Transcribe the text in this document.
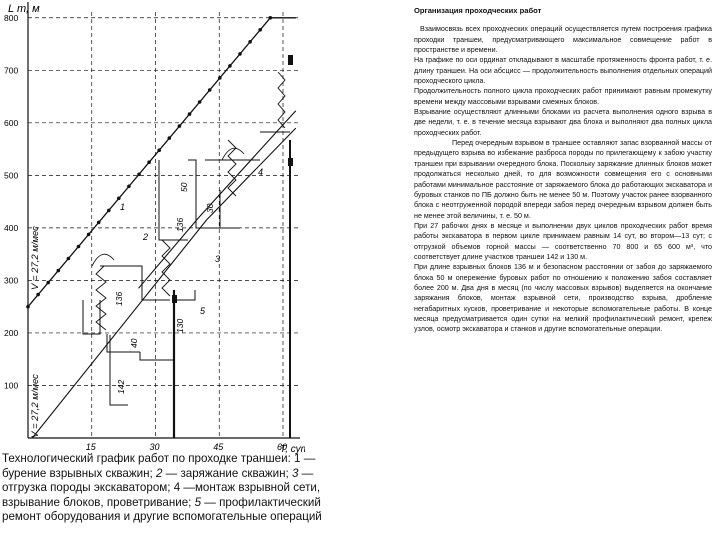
100
200
300
400
500
600
700
800
15	30	45	60
L т, м
T, су
V = 27,2 м/мес
V = 27,2 м/мес
1
2
3
4
5
142
40
136
136
130
50
30
Технологический график работ по проходке траншеи: 1 — бурение взрывных скважин; 2 — заряжание скважин; 3 — отгрузка породы экскаватором; 4 —монтаж взрывной сети, взрывание блоков, проветривание; 5 — профилактический ремонт оборудования и другие вспомогательные операций
Организация проходческих работ

Взаимосвязь всех проходческих операций осуществляется путем построения графика проходки траншеи, предусматривающего максимальное совмещение работ в пространстве и времени.

На графике по оси ординат откладывают в масштабе протяженность фронта работ, т. е. длину траншеи. На оси абсцисс — продолжительность выполнения отдельных операций проходческого цикла.

Продолжительность полного цикла проходческих работ принимают равным промежутку времени между массовыми взрывами смежных блоков.

Взрывание осуществляют длинными блоками из расчета выполнения одного взрыва в две недели, т. е. в течение месяца взрывают два блока и выполняют два полных цикла проходческих работ.

Перед очередным взрывом в траншее оставляют запас взорванной массы от предыдущего взрыва во избежание разброса породы по прилегающему к забою участку траншеи при взрывании очередного блока. Поскольку заряжание длинных блоков может продолжаться несколько дней, то для возможности совмещения его с основными работами минимальное расстояние от заряжаемого блока до работающих экскаватора и буровых станков по ПБ должно быть не менее 50 м. Поэтому участок ранее взорванного блока с неотгруженной породой впереди забоя перед очередным взрывом должен быть не менее этой величины, т. е. 50 м.

При 27 рабочих днях в месяце и выполнении двух циклов проходческих работ время работы экскаватора в первом цикле принимаем равным 14 сут, во втором—13 сут; с отгрузкой объемов горной массы — соответственно 70 800 и 65 600 м³, что соответствует длине участков траншеи 142 и 130 м.

При длине взрывных блоков 136 м и безопасном расстоянии от забоя до заряжаемого блока 50 м опережение буровых работ по отношению к положению забоя составляет более 200 м. Два дня в месяц (по числу массовых взрывов) выделяется на окончание заряжания блоков, монтаж взрывной сети, производство взрыва, дробление негабаритных кусков, проветривание и некоторые вспомогательные работы. В конце месяца предусматривается один сутки на мелкий профилактический ремонт, крепеж узлов, осмотр экскаватора и станков и другие вспомогательные операции.
